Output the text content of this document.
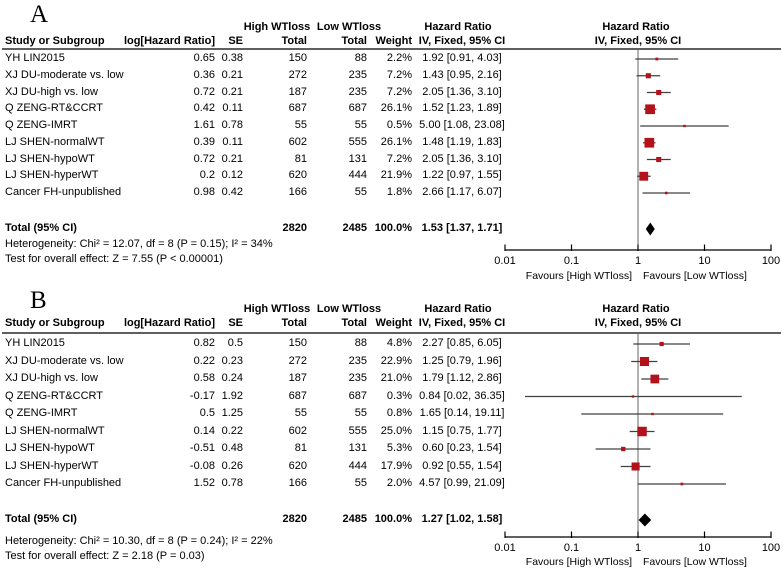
A	High WTloss Low WTloss	Hazard Ratio	Hazard Ratio
Study or Subgroup	log[Hazard Ratio]	SE	Total	Total Weight IV, Fixed, 95% CI	IV, Fixed, 95% CI
YH LIN2015	0.65 0.38	150	88	2.2% 1.92 [0.91, 4.03]
XJ DU-moderate vs. low	0.36 0.21	272	235	7.2% 1.43 [0.95, 2.16]
XJ DU-high vs. low	0.72 0.21	187	235	7.2% 2.05 [1.36, 3.10]
Q ZENG-RT&CCRT	0.42 0.11	687	687	26.1% 1.52 [1.23, 1.89]
Q ZENG-IMRT	1.61 0.78	55	55	0.5% 5.00 [1.08, 23.08]
LJ SHEN-normalWT	0.39 0.11	602	555	26.1% 1.48 [1.19, 1.83]
LJ SHEN-hypoWT	0.72 0.21	81	131	7.2% 2.05 [1.36, 3.10]
LJ SHEN-hyperWT	0.2 0.12	620	444	21.9% 1.22 [0.97, 1.55]
Cancer FH-unpublished	0.98 0.42	166	55	1.8% 2.66 [1.17, 6.07]
Total (95% CI)	2820	2485 100.0% 1.53 [1.37, 1.71]
Heterogeneity: Chi² = 12.07, df = 8 (P = 0.15); I² = 34%
Test for overall effect: Z = 7.55 (P < 0.00001)	0.01	0.1	1	10	100
Favours [High WTloss] Favours [Low WTloss]
B	High WTloss Low WTloss	Hazard Ratio	Hazard Ratio
Study or Subgroup	log[Hazard Ratio]	SE	Total	Total Weight IV, Fixed, 95% CI	IV, Fixed, 95% CI
YH LIN2015	0.82	0.5	150	88	4.8% 2.27 [0.85, 6.05]
XJ DU-moderate vs. low	0.22 0.23	272	235	22.9% 1.25 [0.79, 1.96]
XJ DU-high vs. low	0.58 0.24	187	235	21.0% 1.79 [1.12, 2.86]
Q ZENG-RT&CCRT	-0.17 1.92	687	687	0.3% 0.84 [0.02, 36.35]
Q ZENG-IMRT	0.5 1.25	55	55	0.8% 1.65 [0.14, 19.11]
LJ SHEN-normalWT	0.14 0.22	602	555	25.0% 1.15 [0.75, 1.77]
LJ SHEN-hypoWT	-0.51 0.48	81	131	5.3% 0.60 [0.23, 1.54]
LJ SHEN-hyperWT	-0.08 0.26	620	444	17.9% 0.92 [0.55, 1.54]
Cancer FH-unpublished	1.52 0.78	166	55	2.0% 4.57 [0.99, 21.09]
Total (95% CI)	2820	2485 100.0% 1.27 [1.02, 1.58]
Heterogeneity: Chi² = 10.30, df = 8 (P = 0.24); I² = 22%
Test for overall effect: Z = 2.18 (P = 0.03)
0.01	0.1	1	10	100
Favours [High WTloss] Favours [Low WTloss]
